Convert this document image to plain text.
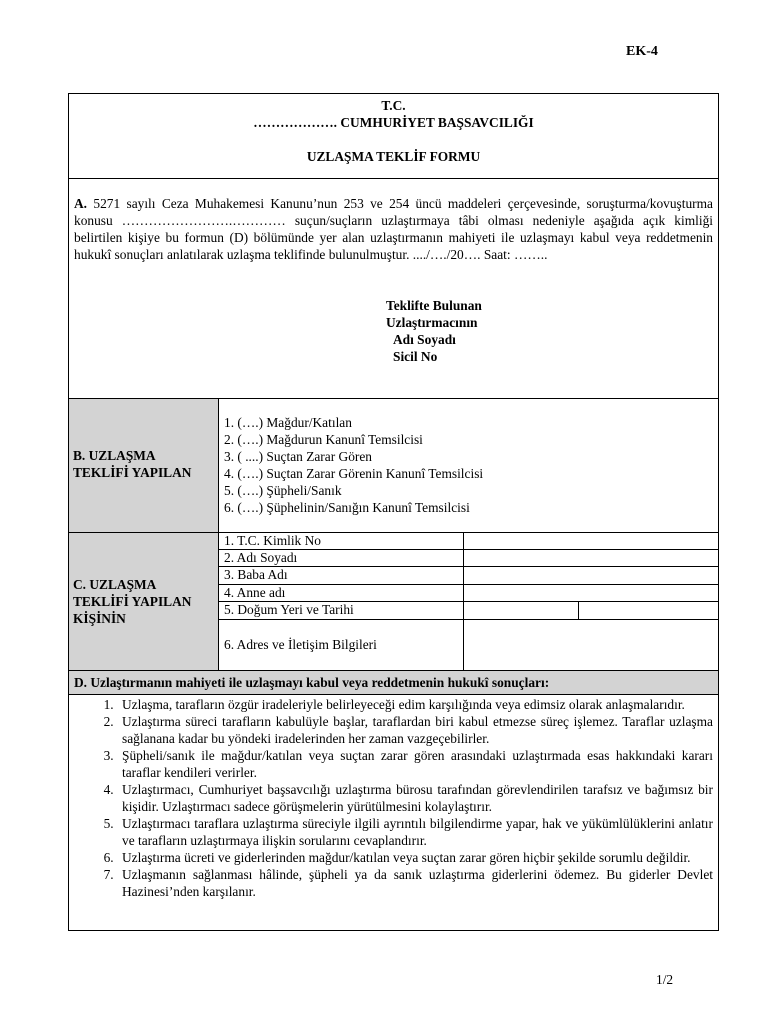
EK-4
T.C.
………………. CUMHURİYET BAŞSAVCILIĞI
UZLAŞMA TEKLİF FORMU

A. 5271 sayılı Ceza Muhakemesi Kanunu’nun 253 ve 254 üncü maddeleri çerçevesinde, soruşturma/kovuşturma konusu …………………….………… suçun/suçların uzlaştırmaya tâbi olması nedeniyle aşağıda açık kimliği belirtilen kişiye bu formun (D) bölümünde yer alan uzlaştırmanın mahiyeti ile uzlaşmayı kabul veya reddetmenin hukukî sonuçları anlatılarak uzlaşma teklifinde bulunulmuştur. ..../…./20…. Saat: ……..

Teklifte Bulunan
Uzlaştırmacının
Adı Soyadı
Sicil No
B. UZLAŞMA
TEKLİFİ YAPILAN
1. (….) Mağdur/Katılan
2. (….) Mağdurun Kanunî Temsilcisi
3. ( ....) Suçtan Zarar Gören
4. (….) Suçtan Zarar Görenin Kanunî Temsilcisi
5. (….) Şüpheli/Sanık
6. (….) Şüphelinin/Sanığın Kanunî Temsilcisi
C. UZLAŞMA
TEKLİFİ YAPILAN
KİŞİNİN
1. T.C. Kimlik No
2. Adı Soyadı
3. Baba Adı
4. Anne adı
5. Doğum Yeri ve Tarihi
6. Adres ve İletişim Bilgileri
D. Uzlaştırmanın mahiyeti ile uzlaşmayı kabul veya reddetmenin hukukî sonuçları:
1. Uzlaşma, tarafların özgür iradeleriyle belirleyeceği edim karşılığında veya edimsiz olarak anlaşmalarıdır.
2. Uzlaştırma süreci tarafların kabulüyle başlar, taraflardan biri kabul etmezse süreç işlemez. Taraflar uzlaşma sağlanana kadar bu yöndeki iradelerinden her zaman vazgeçebilirler.
3. Şüpheli/sanık ile mağdur/katılan veya suçtan zarar gören arasındaki uzlaştırmada esas hakkındaki kararı taraflar kendileri verirler.
4. Uzlaştırmacı, Cumhuriyet başsavcılığı uzlaştırma bürosu tarafından görevlendirilen tarafsız ve bağımsız bir kişidir. Uzlaştırmacı sadece görüşmelerin yürütülmesini kolaylaştırır.
5. Uzlaştırmacı taraflara uzlaştırma süreciyle ilgili ayrıntılı bilgilendirme yapar, hak ve yükümlülüklerini anlatır ve tarafların uzlaştırmaya ilişkin sorularını cevaplandırır.
6. Uzlaştırma ücreti ve giderlerinden mağdur/katılan veya suçtan zarar gören hiçbir şekilde sorumlu değildir.
7. Uzlaşmanın sağlanması hâlinde, şüpheli ya da sanık uzlaştırma giderlerini ödemez. Bu giderler Devlet Hazinesi’nden karşılanır.
1/2
